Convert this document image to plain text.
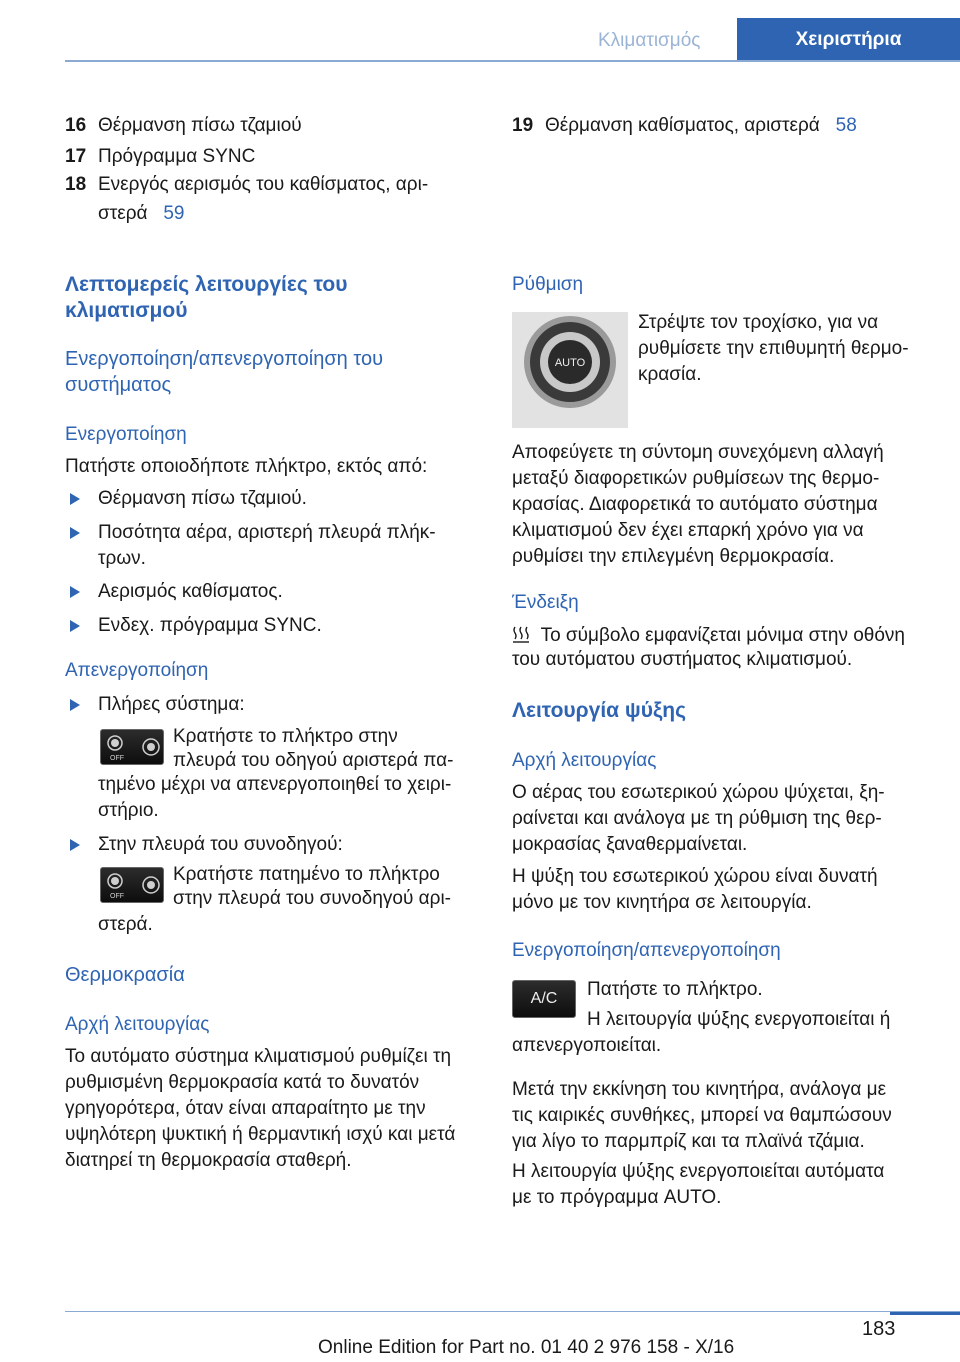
Κλιματισμός	Χειριστήρια
16 Θέρμανση πίσω τζαμιού
17 Πρόγραμμα SYNC
18 Ενεργός αερισμός του καθίσματος, αρι-
στερά 59
Λεπτομερείς λειτουργίες του
κλιματισμού
Ενεργοποίηση/απενεργοποίηση του
συστήματος
Ενεργοποίηση
Πατήστε οποιοδήποτε πλήκτρο, εκτός από:
Θέρμανση πίσω τζαμιού.
Ποσότητα αέρα, αριστερή πλευρά πλήκ-
τρων.
Αερισμός καθίσματος.
Ενδεχ. πρόγραμμα SYNC.
Απενεργοποίηση
Πλήρες σύστημα:
OFF
Κρατήστε το πλήκτρο στην
πλευρά του οδηγού αριστερά πα-
τημένο μέχρι να απενεργοποιηθεί το χειρι-
στήριο.
Στην πλευρά του συνοδηγού:
OFF
Κρατήστε πατημένο το πλήκτρο
στην πλευρά του συνοδηγού αρι-
στερά.
Θερμοκρασία
Αρχή λειτουργίας
Το αυτόματο σύστημα κλιματισμού ρυθμίζει τη
ρυθμισμένη θερμοκρασία κατά το δυνατόν
γρηγορότερα, όταν είναι απαραίτητο με την
υψηλότερη ψυκτική ή θερμαντική ισχύ και μετά
διατηρεί τη θερμοκρασία σταθερή.
19 Θέρμανση καθίσματος, αριστερά 58
Ρύθμιση
AUTO
Στρέψτε τον τροχίσκο, για να
ρυθμίσετε την επιθυμητή θερμο-
κρασία.
Αποφεύγετε τη σύντομη συνεχόμενη αλλαγή
μεταξύ διαφορετικών ρυθμίσεων της θερμο-
κρασίας. Διαφορετικά το αυτόματο σύστημα
κλιματισμού δεν έχει επαρκή χρόνο για να
ρυθμίσει την επιλεγμένη θερμοκρασία.
Ένδειξη
Το σύμβολο εμφανίζεται μόνιμα στην οθόνη
του αυτόματου συστήματος κλιματισμού.
Λειτουργία ψύξης
Αρχή λειτουργίας
Ο αέρας του εσωτερικού χώρου ψύχεται, ξη-
ραίνεται και ανάλογα με τη ρύθμιση της θερ-
μοκρασίας ξαναθερμαίνεται.
Η ψύξη του εσωτερικού χώρου είναι δυνατή
μόνο με τον κινητήρα σε λειτουργία.
Ενεργοποίηση/απενεργοποίηση
A/C Πατήστε το πλήκτρο.
Η λειτουργία ψύξης ενεργοποιείται ή
απενεργοποιείται.
Μετά την εκκίνηση του κινητήρα, ανάλογα με
τις καιρικές συνθήκες, μπορεί να θαμπώσουν
για λίγο το παρμπρίζ και τα πλαϊνά τζάμια.
Η λειτουργία ψύξης ενεργοποιείται αυτόματα
με το πρόγραμμα AUTO.
183
Online Edition for Part no. 01 40 2 976 158 - X/16
